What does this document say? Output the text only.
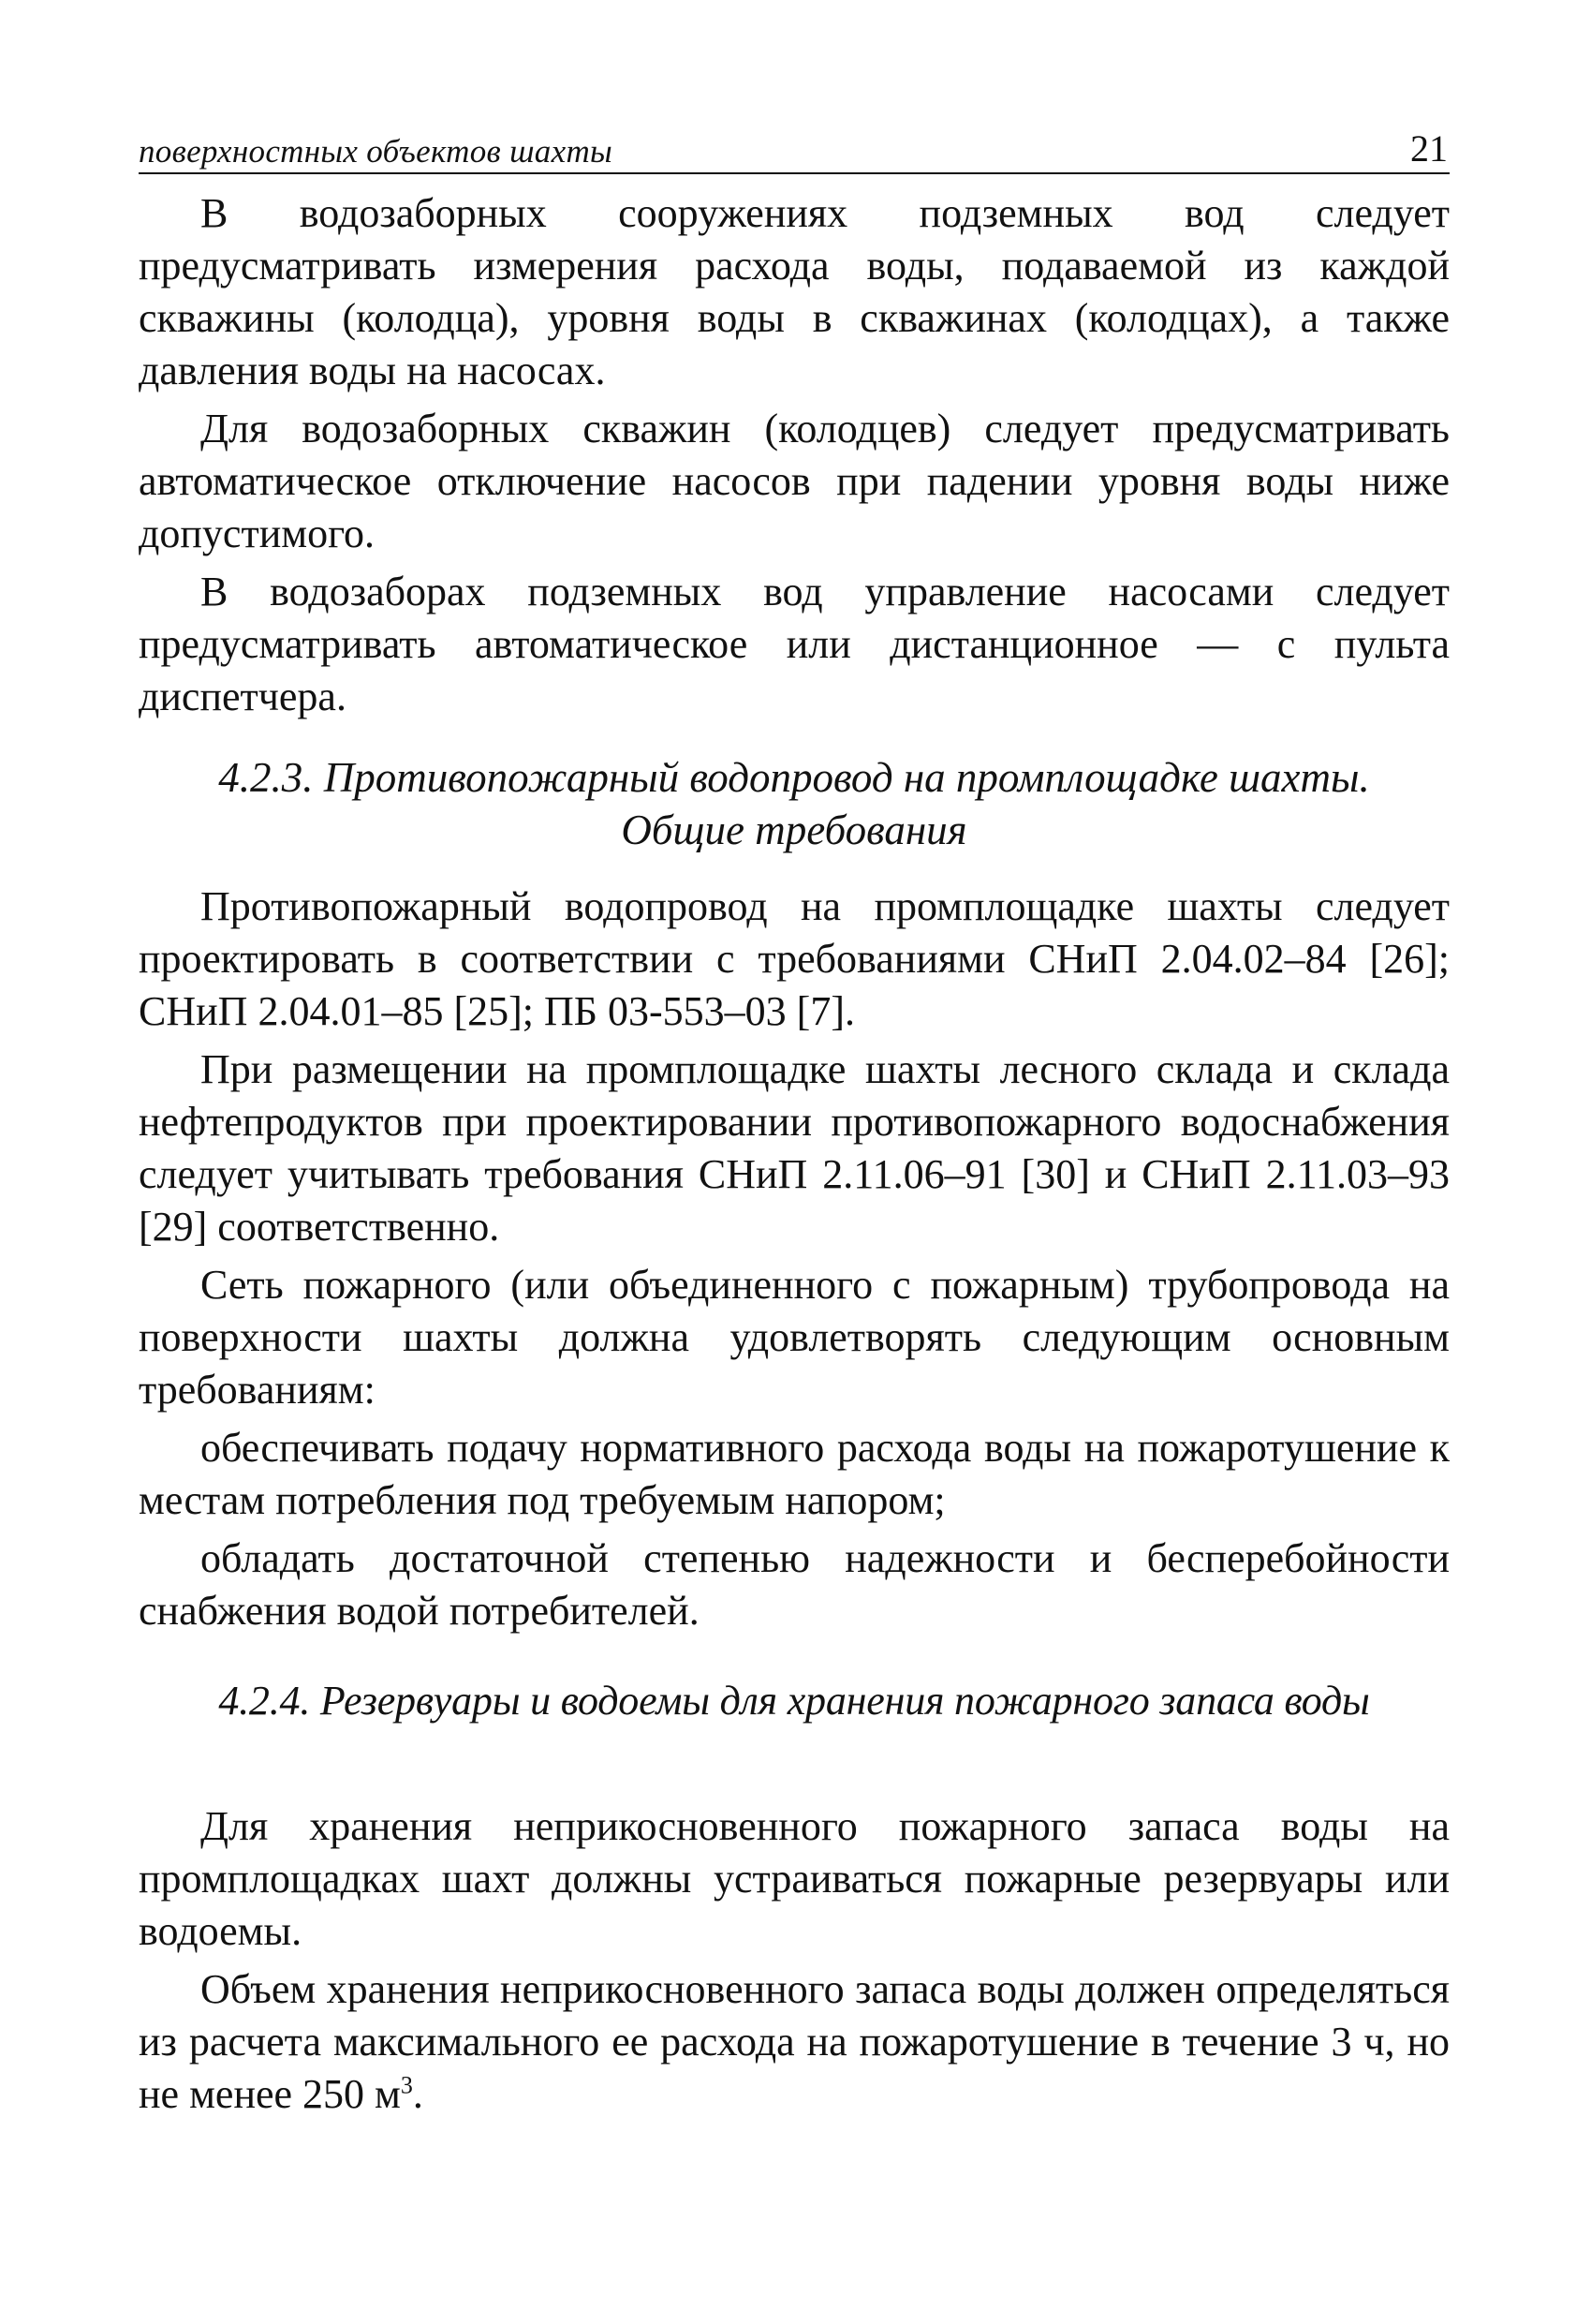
поверхностных объектов шахты	21

В водозаборных сооружениях подземных вод следует предусматривать измерения расхода воды, подаваемой из каждой скважины (колодца), уровня воды в скважинах (колодцах), а также давления воды на насосах.

Для водозаборных скважин (колодцев) следует предусматривать автоматическое отключение насосов при падении уровня воды ниже допустимого.

В водозаборах подземных вод управление насосами следует предусматривать автоматическое или дистанционное — с пульта диспетчера.

4.2.3. Противопожарный водопровод на промплощадке шахты.
Общие требования

Противопожарный водопровод на промплощадке шахты следует проектировать в соответствии с требованиями СНиП 2.04.02–84 [26]; СНиП 2.04.01–85 [25]; ПБ 03-553–03 [7].

При размещении на промплощадке шахты лесного склада и склада нефтепродуктов при проектировании противопожарного водоснабжения следует учитывать требования СНиП 2.11.06–91 [30] и СНиП 2.11.03–93 [29] соответственно.

Сеть пожарного (или объединенного с пожарным) трубопровода на поверхности шахты должна удовлетворять следующим основным требованиям:

обеспечивать подачу нормативного расхода воды на пожаротушение к местам потребления под требуемым напором;

обладать достаточной степенью надежности и бесперебойности снабжения водой потребителей.

4.2.4. Резервуары и водоемы для хранения пожарного запаса воды

Для хранения неприкосновенного пожарного запаса воды на промплощадках шахт должны устраиваться пожарные резервуары или водоемы.

Объем хранения неприкосновенного запаса воды должен определяться из расчета максимального ее расхода на пожаротушение в течение 3 ч, но не менее 250 $м^3$.
